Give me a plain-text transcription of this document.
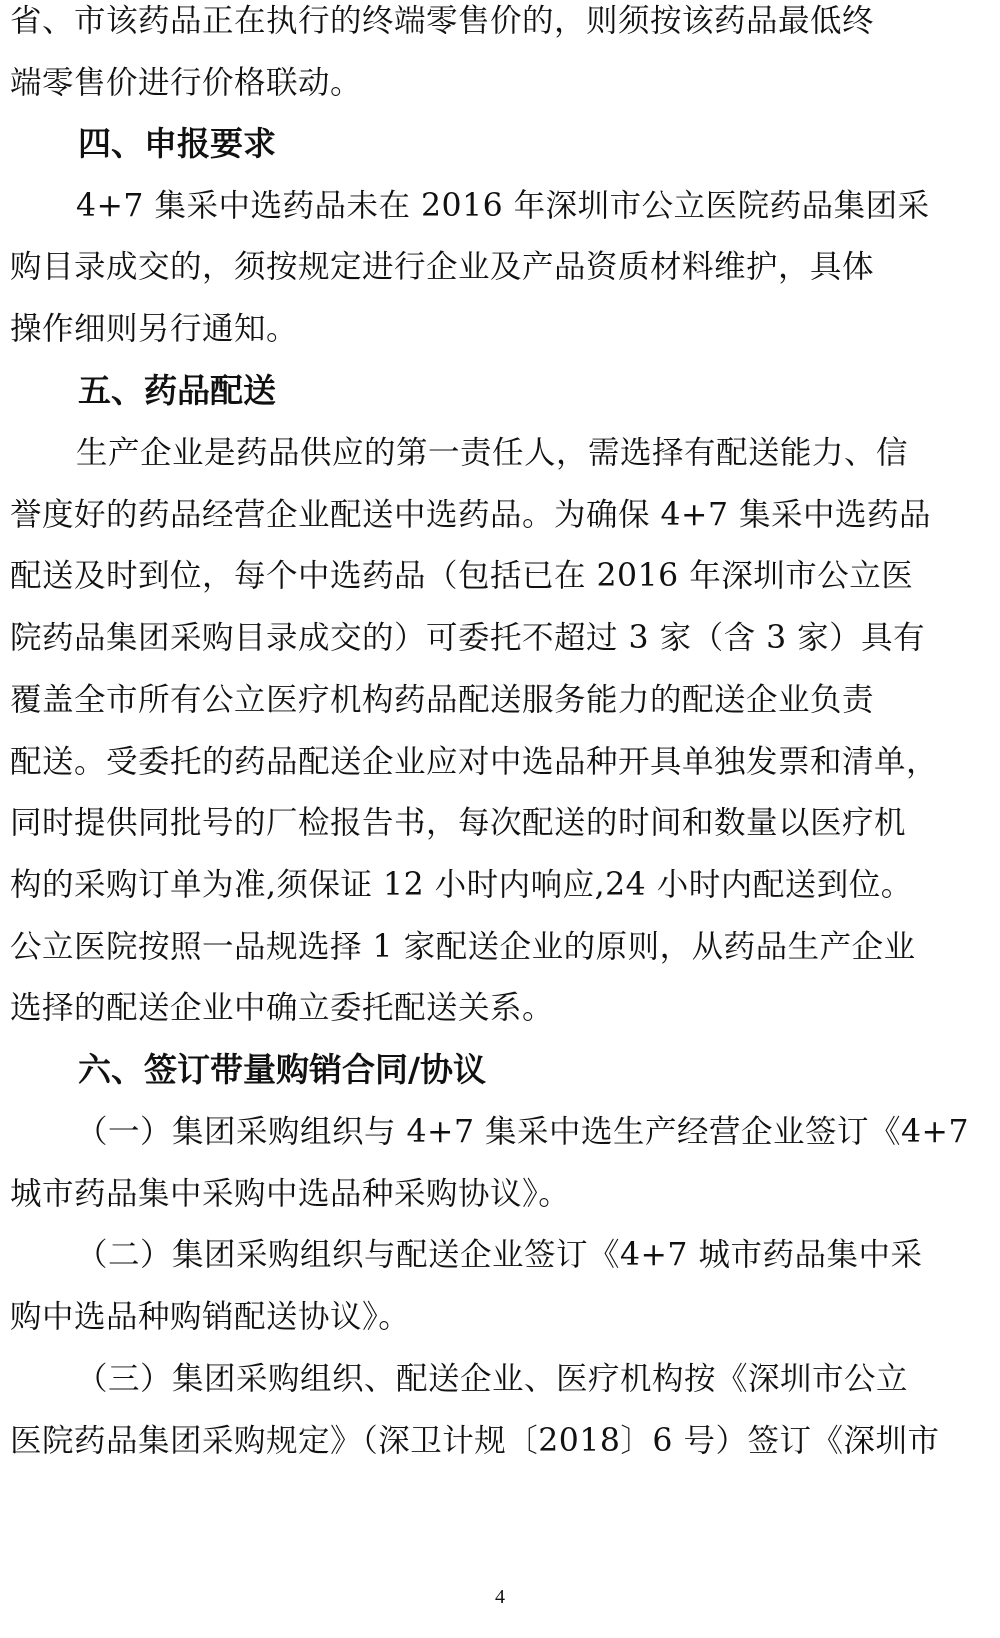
省、市该药品正在执行的终端零售价的，则须按该药品最低终
端零售价进行价格联动。
四、申报要求
4+7 集采中选药品未在 2016 年深圳市公立医院药品集团采
购目录成交的，须按规定进行企业及产品资质材料维护，具体
操作细则另行通知。
五、药品配送
生产企业是药品供应的第一责任人，需选择有配送能力、信
誉度好的药品经营企业配送中选药品。为确保 4+7 集采中选药品
配送及时到位，每个中选药品（包括已在 2016 年深圳市公立医
院药品集团采购目录成交的）可委托不超过 3 家（含 3 家）具有
覆盖全市所有公立医疗机构药品配送服务能力的配送企业负责
配送。受委托的药品配送企业应对中选品种开具单独发票和清单，
同时提供同批号的厂检报告书，每次配送的时间和数量以医疗机
构的采购订单为准,须保证 12 小时内响应,24 小时内配送到位。
公立医院按照一品规选择 1 家配送企业的原则，从药品生产企业
选择的配送企业中确立委托配送关系。
六、签订带量购销合同/协议
（一）集团采购组织与 4+7 集采中选生产经营企业签订《4+7
城市药品集中采购中选品种采购协议》。
（二）集团采购组织与配送企业签订《4+7 城市药品集中采
购中选品种购销配送协议》。
（三）集团采购组织、配送企业、医疗机构按《深圳市公立
医院药品集团采购规定》（深卫计规〔2018〕6 号）签订《深圳市
4
